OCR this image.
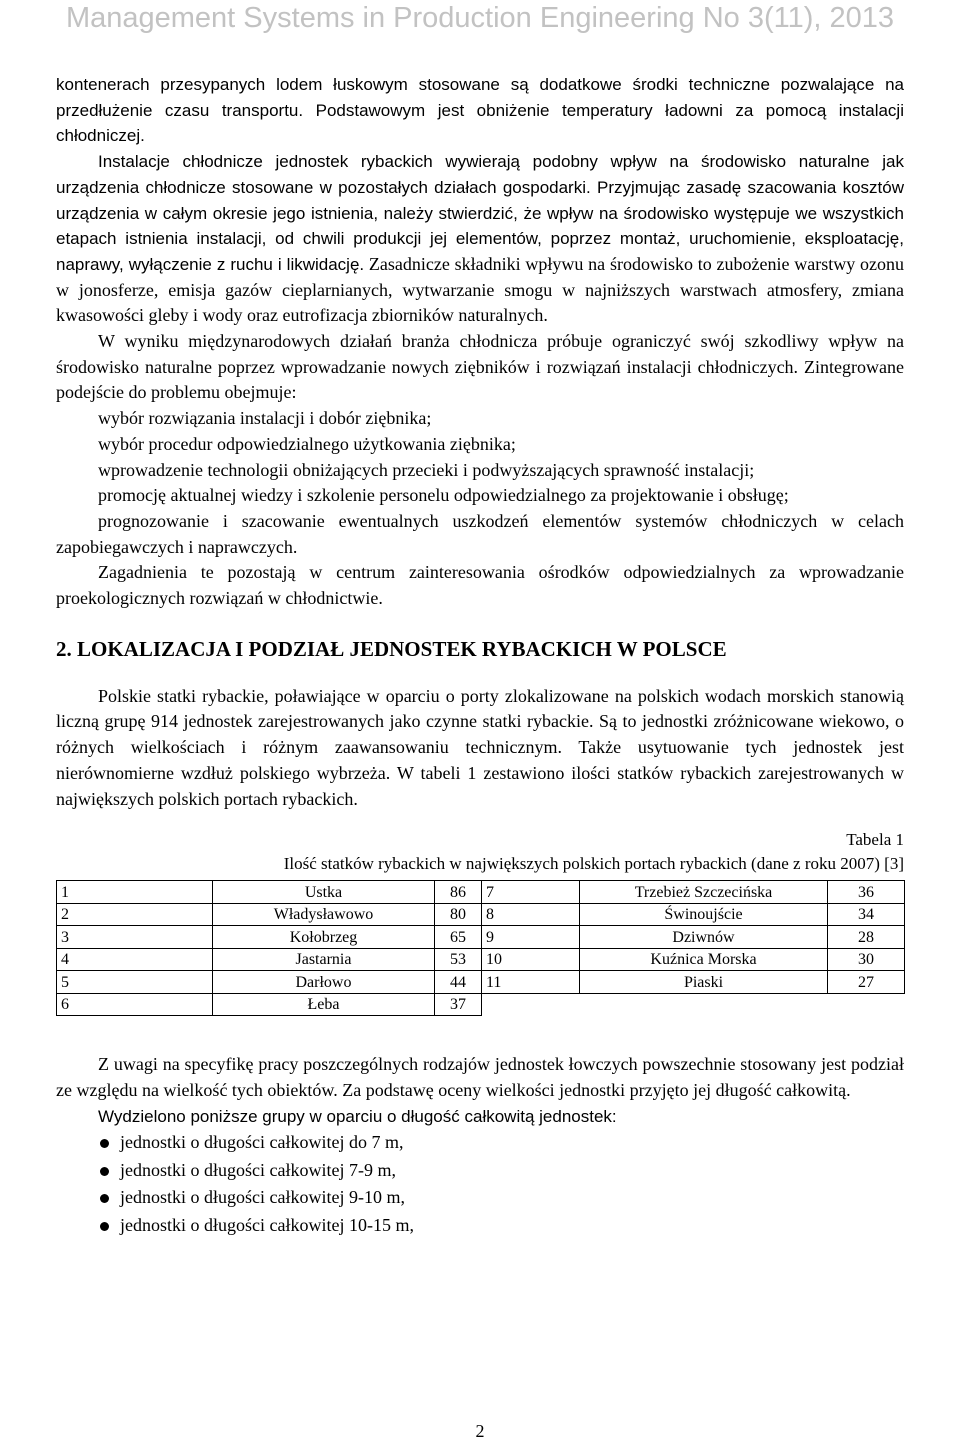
Management Systems in Production Engineering No 3(11), 2013

kontenerach przesypanych lodem łuskowym stosowane są dodatkowe środki techniczne pozwalające na przedłużenie czasu transportu. Podstawowym jest obniżenie temperatury ładowni za pomocą instalacji chłodniczej.

Instalacje chłodnicze jednostek rybackich wywierają podobny wpływ na środowisko naturalne jak urządzenia chłodnicze stosowane w pozostałych działach gospodarki. Przyjmując zasadę szacowania kosztów urządzenia w całym okresie jego istnienia, należy stwierdzić, że wpływ na środowisko występuje we wszystkich etapach istnienia instalacji, od chwili produkcji jej elementów, poprzez montaż, uruchomienie, eksploatację, naprawy, wyłączenie z ruchu i likwidację. Zasadnicze składniki wpływu na środowisko to zubożenie warstwy ozonu w jonosferze, emisja gazów cieplarnianych, wytwarzanie smogu w najniższych warstwach atmosfery, zmiana kwasowości gleby i wody oraz eutrofizacja zbiorników naturalnych.

W wyniku międzynarodowych działań branża chłodnicza próbuje ograniczyć swój szkodliwy wpływ na środowisko naturalne poprzez wprowadzanie nowych ziębników i rozwiązań instalacji chłodniczych. Zintegrowane podejście do problemu obejmuje:

wybór rozwiązania instalacji i dobór ziębnika;

wybór procedur odpowiedzialnego użytkowania ziębnika;

wprowadzenie technologii obniżających przecieki i podwyższających sprawność instalacji;

promocję aktualnej wiedzy i szkolenie personelu odpowiedzialnego za projektowanie i obsługę;

prognozowanie i szacowanie ewentualnych uszkodzeń elementów systemów chłodniczych w celach zapobiegawczych i naprawczych.

Zagadnienia te pozostają w centrum zainteresowania ośrodków odpowiedzialnych za wprowadzanie proekologicznych rozwiązań w chłodnictwie.

2. LOKALIZACJA I PODZIAŁ JEDNOSTEK RYBACKICH W POLSCE

Polskie statki rybackie, poławiające w oparciu o porty zlokalizowane na polskich wodach morskich stanowią liczną grupę 914 jednostek zarejestrowanych jako czynne statki rybackie. Są to jednostki zróżnicowane wiekowo, o różnych wielkościach i różnym zaawansowaniu technicznym. Także usytuowanie tych jednostek jest nierównomierne wzdłuż polskiego wybrzeża. W tabeli 1 zestawiono ilości statków rybackich zarejestrowanych w największych polskich portach rybackich.

Tabela 1
Ilość statków rybackich w największych polskich portach rybackich (dane z roku 2007) [3]
1	Ustka	86	7	Trzebież Szczecińska	36
2	Władysławowo	80	8	Świnoujście	34
3	Kołobrzeg	65	9	Dziwnów	28
4	Jastarnia	53	10	Kuźnica Morska	30
5	Darłowo	44	11	Piaski	27
6	Łeba	37			

Z uwagi na specyfikę pracy poszczególnych rodzajów jednostek łowczych powszechnie stosowany jest podział ze względu na wielkość tych obiektów. Za podstawę oceny wielkości jednostki przyjęto jej długość całkowitą.

Wydzielono poniższe grupy w oparciu o długość całkowitą jednostek:

jednostki o długości całkowitej do 7 m,
jednostki o długości całkowitej 7-9 m,
jednostki o długości całkowitej 9-10 m,
jednostki o długości całkowitej 10-15 m,
2
